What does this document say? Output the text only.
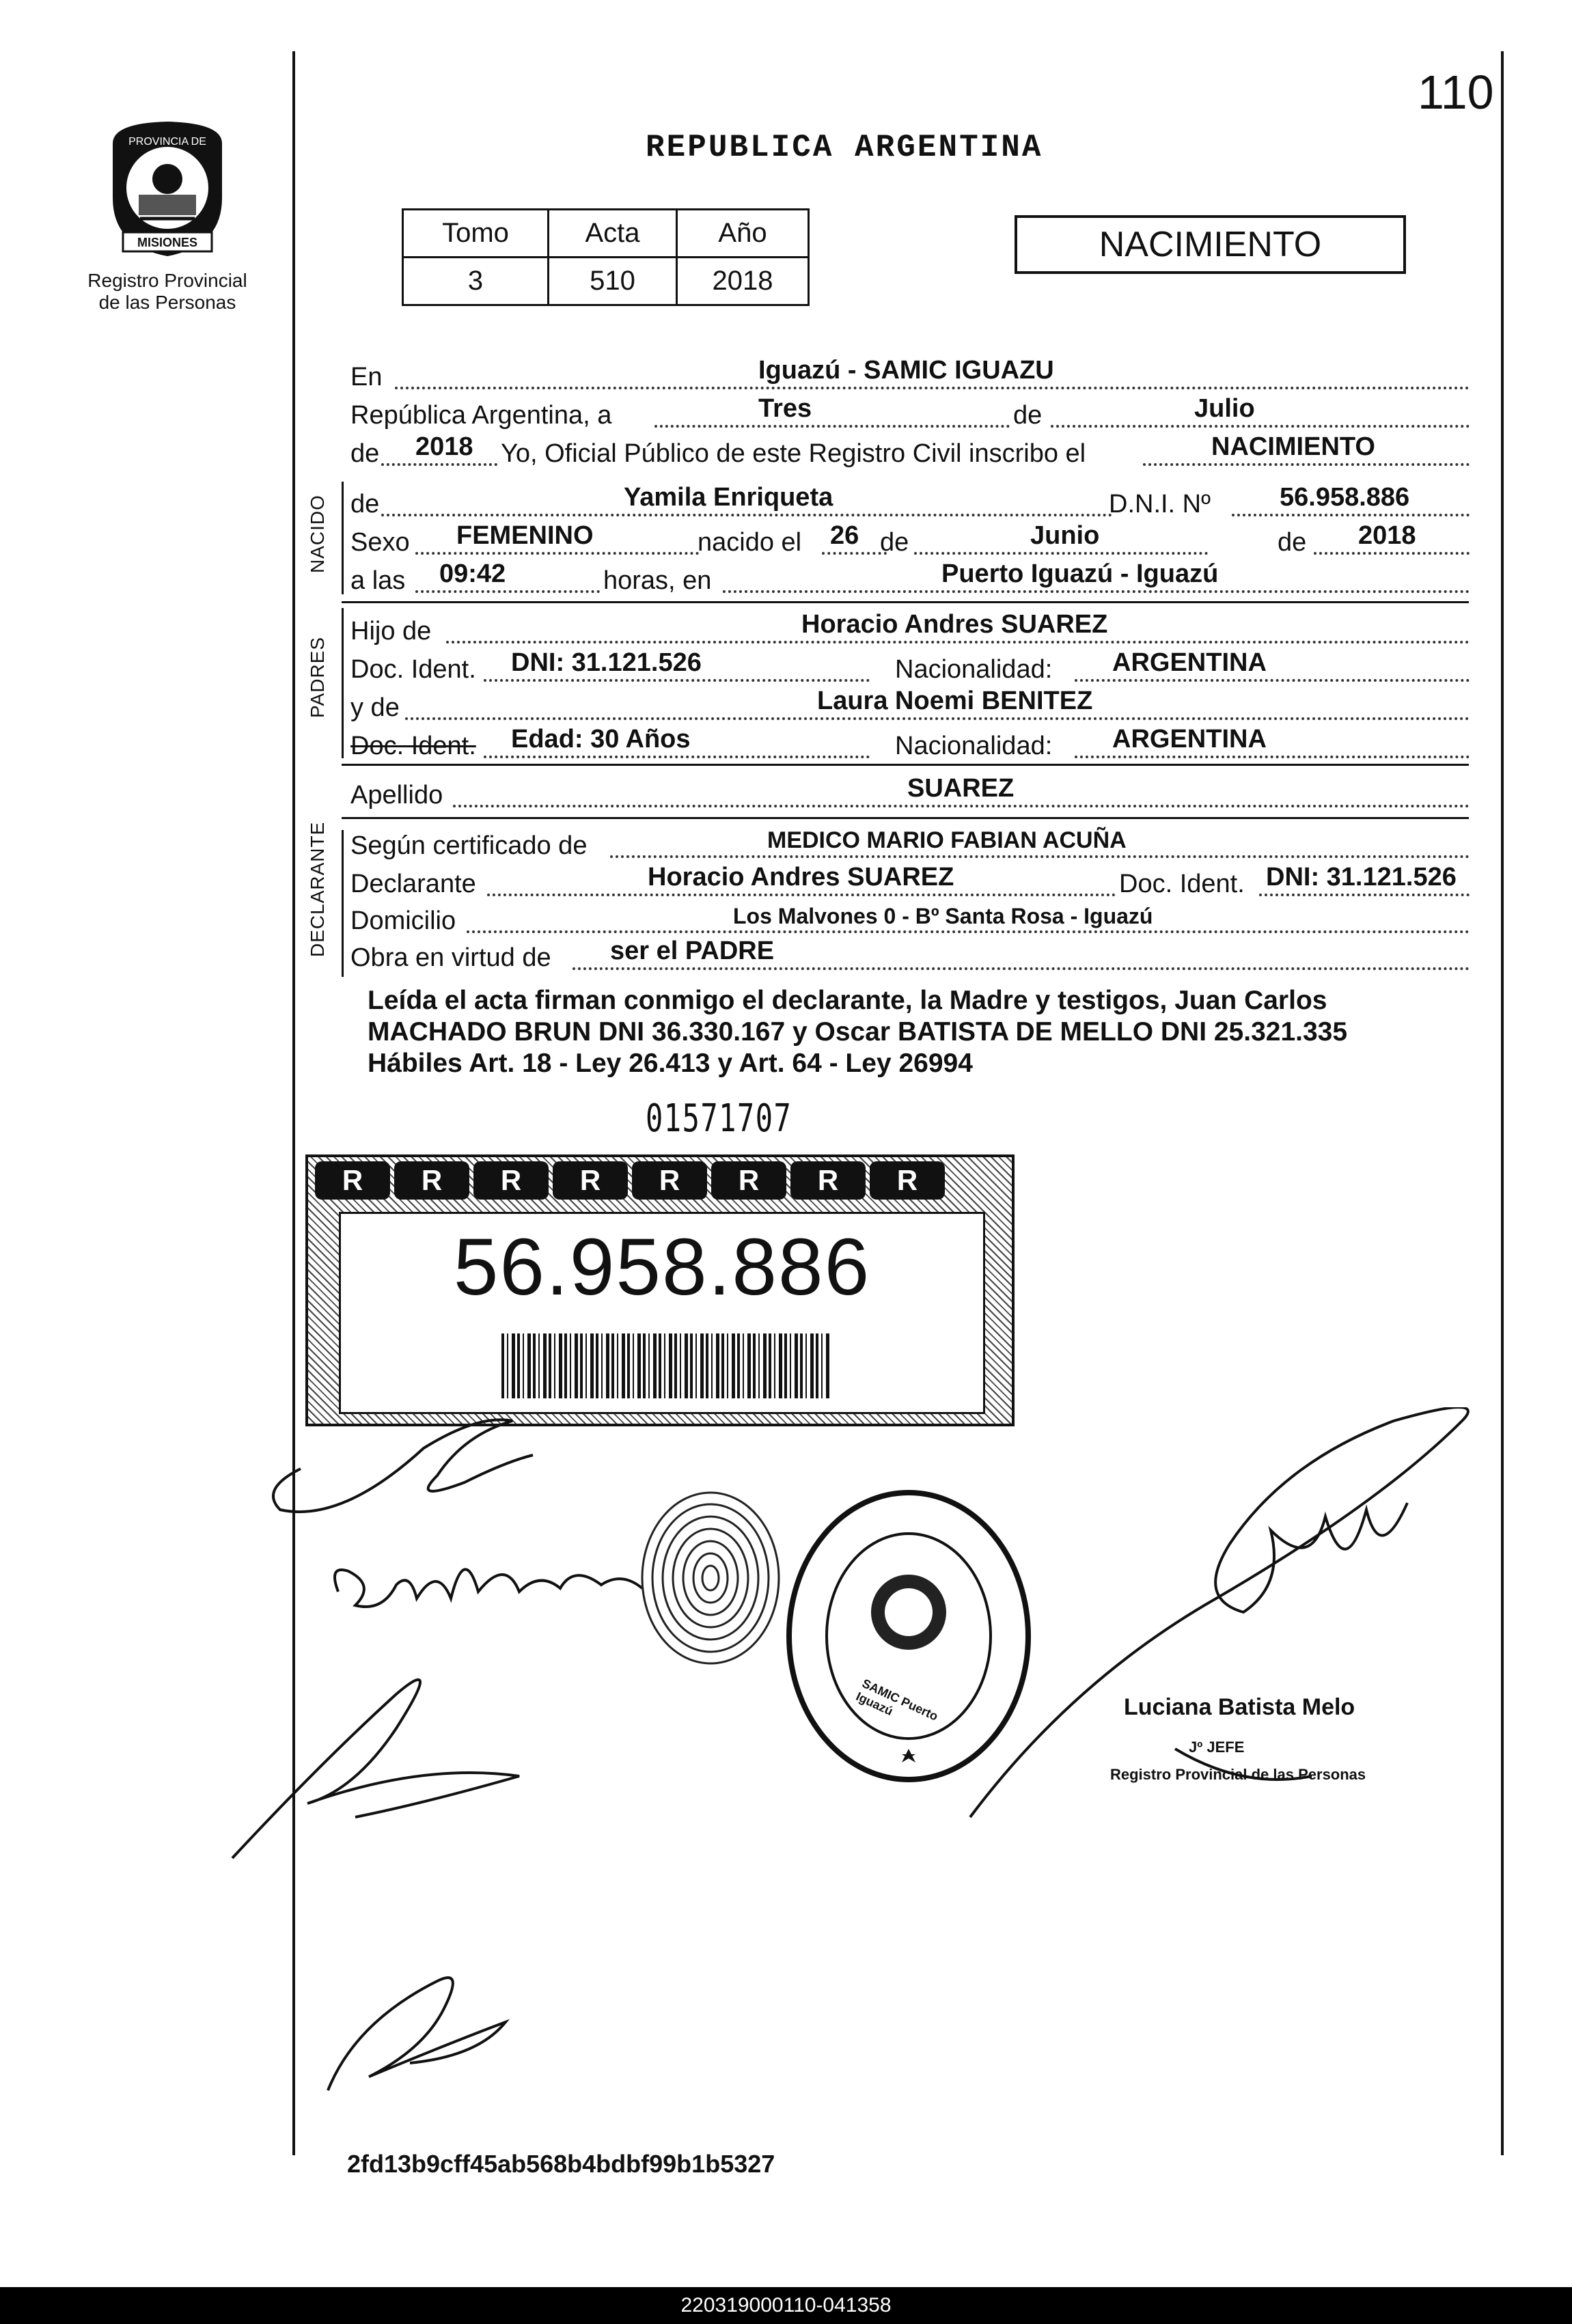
110
REPUBLICA ARGENTINA
PROVINCIA DE
MISIONES
Registro Provincial
de las Personas
Tomo	Acta	Año
3	510	2018
NACIMIENTO
En	Iguazú - SAMIC IGUAZU
República Argentina, a	Tres	de	Julio
de 2018 Yo, Oficial Público de este Registro Civil inscribo el	NACIMIENTO
NACIDO de	Yamila Enriqueta	D.N.I. Nº	56.958.886
Sexo FEMENINO	nacido el 26 de	Junio	de 2018
a las 09:42	horas, en	Puerto Iguazú - Iguazú
PADRES
Hijo de	Horacio Andres SUAREZ
Doc. Ident. DNI: 31.121.526	Nacionalidad: ARGENTINA
y de	Laura Noemi BENITEZ
Doc. Ident. Edad: 30 Años	Nacionalidad: ARGENTINA
Apellido	SUAREZ
DECLARANTE Según certificado de	MEDICO MARIO FABIAN ACUÑA
Declarante	Horacio Andres SUAREZ	Doc. Ident. DNI: 31.121.526
Domicilio	Los Malvones 0 - Bº Santa Rosa - Iguazú
Obra en virtud de ser el PADRE
Leída el acta firman conmigo el declarante, la Madre y testigos, Juan Carlos
MACHADO BRUN DNI 36.330.167 y Oscar BATISTA DE MELLO DNI 25.321.335
Hábiles Art. 18 - Ley 26.413 y Art. 64 - Ley 26994
01571707
R	R	R	R	R	R	R	R
56.958.886
SAMIC Puerto Iguazú	Luciana Batista Melo
Jº JEFE
Registro Provincial de las Personas
2fd13b9cff45ab568b4bdbf99b1b5327
220319000110-041358
